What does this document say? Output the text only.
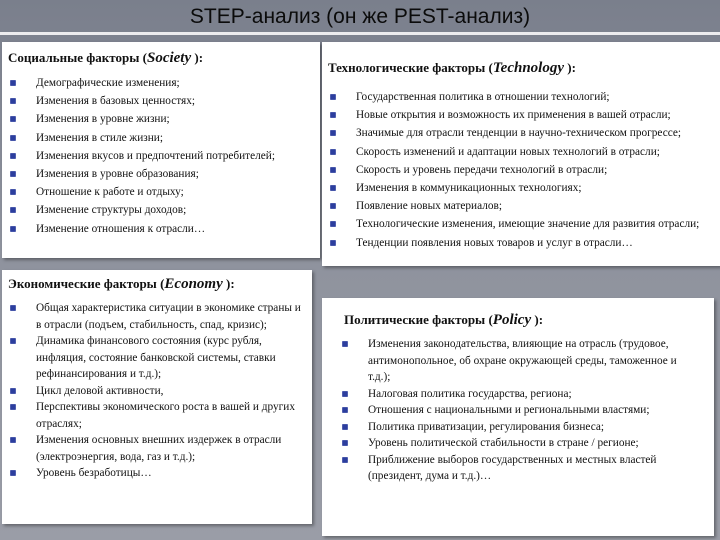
STEP-анализ (он же PEST-анализ)
Социальные факторы (Society ):
Демографические изменения;
Изменения в базовых ценностях;
Изменения в уровне жизни;
Изменения в стиле жизни;
Изменения вкусов и предпочтений потребителей;
Изменения в уровне образования;
Отношение к работе и отдыху;
Изменение структуры доходов;
Изменение отношения к отрасли…
Технологические факторы (Technology ):
Государственная политика в отношении технологий;
Новые открытия и возможность их применения в вашей отрасли;
Значимые для отрасли тенденции в научно-техническом прогрессе;
Скорость изменений и адаптации новых технологий в отрасли;
Скорость и уровень передачи технологий в отрасли;
Изменения в коммуникационных технологиях;
Появление новых материалов;
Технологические изменения, имеющие значение для развития отрасли;
Тенденции появления новых товаров и услуг в отрасли…
Экономические факторы (Economy ):
Общая характеристика ситуации в экономике страны и в отрасли (подъем, стабильность, спад, кризис);
Динамика финансового состояния (курс рубля, инфляция, состояние банковской системы, ставки рефинансирования и т.д.);
Цикл деловой активности,
Перспективы экономического роста в вашей и других отраслях;
Изменения основных внешних издержек в отрасли (электроэнергия, вода, газ и т.д.);
Уровень безработицы…
Политические факторы (Policy ):
Изменения законодательства, влияющие на отрасль (трудовое, антимонопольное, об охране окружающей среды, таможенное и т.д.);
Налоговая политика государства, региона;
Отношения с национальными и региональными властями;
Политика приватизации, регулирования бизнеса;
Уровень политической стабильности в стране / регионе;
Приближение выборов государственных и местных властей (президент, дума и т.д.)…
